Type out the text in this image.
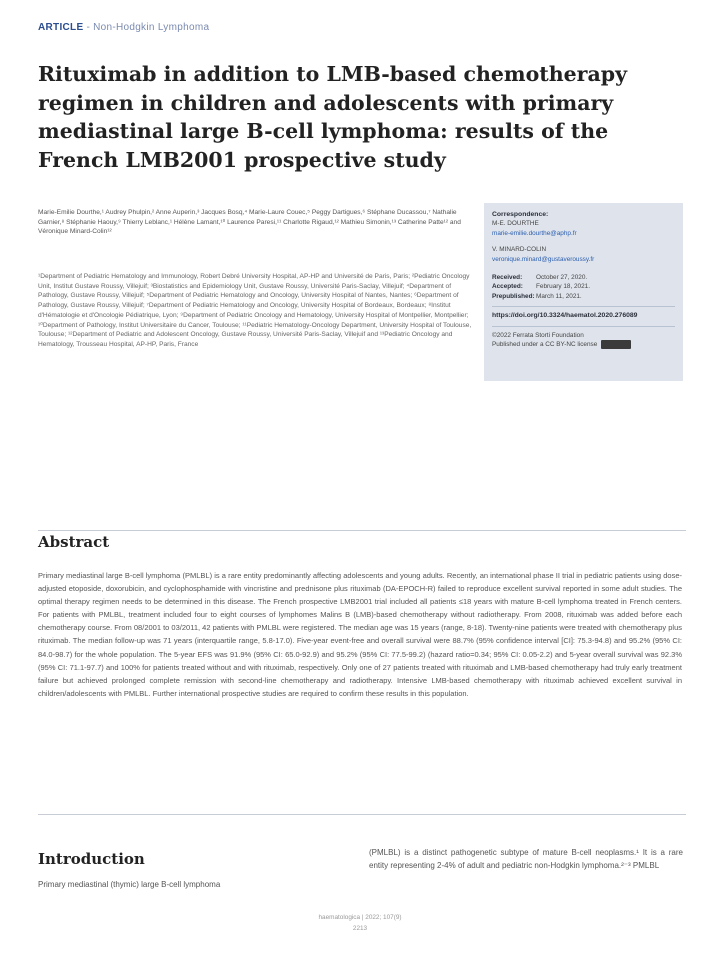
ARTICLE - Non-Hodgkin Lymphoma
Rituximab in addition to LMB-based chemotherapy regimen in children and adolescents with primary mediastinal large B-cell lymphoma: results of the French LMB2001 prospective study
Marie-Emilie Dourthe,¹ Audrey Phulpin,² Anne Auperin,³ Jacques Bosq,⁴ Marie-Laure Couec,⁵ Peggy Dartigues,⁶ Stéphane Ducassou,⁷ Nathalie Garnier,⁸ Stéphanie Haouy,⁹ Thierry Leblanc,¹ Hélène Lamant,¹⁰ Laurence Paresi,¹¹ Charlotte Rigaud,¹² Mathieu Simonin,¹³ Catherine Patte¹² and Véronique Minard-Colin¹²
¹Department of Pediatric Hematology and Immunology, Robert Debré University Hospital, AP-HP and Université de Paris, Paris; ²Pediatric Oncology Unit, Institut Gustave Roussy, Villejuif; ³Biostatistics and Epidemiology Unit, Gustave Roussy, Université Paris-Saclay, Villejuif; ⁴Department of Pathology, Gustave Roussy, Villejuif; ⁵Department of Pediatric Hematology and Oncology, University Hospital of Nantes, Nantes; ⁶Department of Pathology, Gustave Roussy, Villejuif; ⁷Department of Pediatric Hematology and Oncology, University Hospital of Bordeaux, Bordeaux; ⁸Institut d'Hématologie et d'Oncologie Pédiatrique, Lyon; ⁹Department of Pediatric Oncology and Hematology, University Hospital of Montpellier, Montpellier; ¹⁰Department of Pathology, Institut Universitaire du Cancer, Toulouse; ¹¹Pediatric Hematology-Oncology Department, University Hospital of Toulouse, Toulouse; ¹²Department of Pediatric and Adolescent Oncology, Gustave Roussy, Université Paris-Saclay, Villejuif and ¹³Pediatric Oncology and Hematology, Trousseau Hospital, AP-HP, Paris, France
Correspondence:
M-E. DOURTHE
marie-emilie.dourthe@aphp.fr
V. MINARD-COLIN
veronique.minard@gustaveroussy.fr
Received:	October 27, 2020.
Accepted:	February 18, 2021.
Prepublished:	March 11, 2021.
https://doi.org/10.3324/haematol.2020.276089
©2022 Ferrata Storti Foundation
Published under a CC BY-NC license
Abstract
Primary mediastinal large B-cell lymphoma (PMLBL) is a rare entity predominantly affecting adolescents and young adults. Recently, an international phase II trial in pediatric patients using dose-adjusted etoposide, doxorubicin, and cyclophosphamide with vincristine and prednisone plus rituximab (DA-EPOCH-R) failed to reproduce excellent survival reported in some adult studies. The optimal therapy regimen needs to be determined in this disease. The French prospective LMB2001 trial included all patients ≤18 years with mature B-cell lymphoma treated in French centers. For patients with PMLBL, treatment included four to eight courses of lymphomes Malins B (LMB)-based chemotherapy without radiotherapy. From 2008, rituximab was added before each chemotherapy course. From 08/2001 to 03/2011, 42 patients with PMLBL were registered. The median age was 15 years (range, 8-18). Twenty-nine patients were treated with chemotherapy plus rituximab. The median follow-up was 71 years (interquartile range, 5.8-17.0). Five-year event-free and overall survival were 88.7% (95% confidence interval [CI]: 75.3-94.8) and 95.2% (95% CI: 84.0-98.7) for the whole population. The 5-year EFS was 91.9% (95% CI: 65.0-92.9) and 95.2% (95% CI: 77.5-99.2) (hazard ratio=0.34; 95% CI: 0.05-2.2) and 5-year overall survival was 92.3% (95% CI: 71.1-97.7) and 100% for patients treated without and with rituximab, respectively. Only one of 27 patients treated with rituximab and LMB-based chemotherapy had truly early treatment failure but achieved prolonged complete remission with second-line chemotherapy and radiotherapy. Intensive LMB-based chemotherapy with rituximab achieved excellent survival in children/adolescents with PMLBL. Further international prospective studies are required to confirm these results in this population.
Introduction
Primary mediastinal (thymic) large B-cell lymphoma
(PMLBL) is a distinct pathogenetic subtype of mature B-cell neoplasms.¹ It is a rare entity representing 2-4% of adult and pediatric non-Hodgkin lymphoma.²⁻³ PMLBL
haematologica | 2022; 107(9)
2213
